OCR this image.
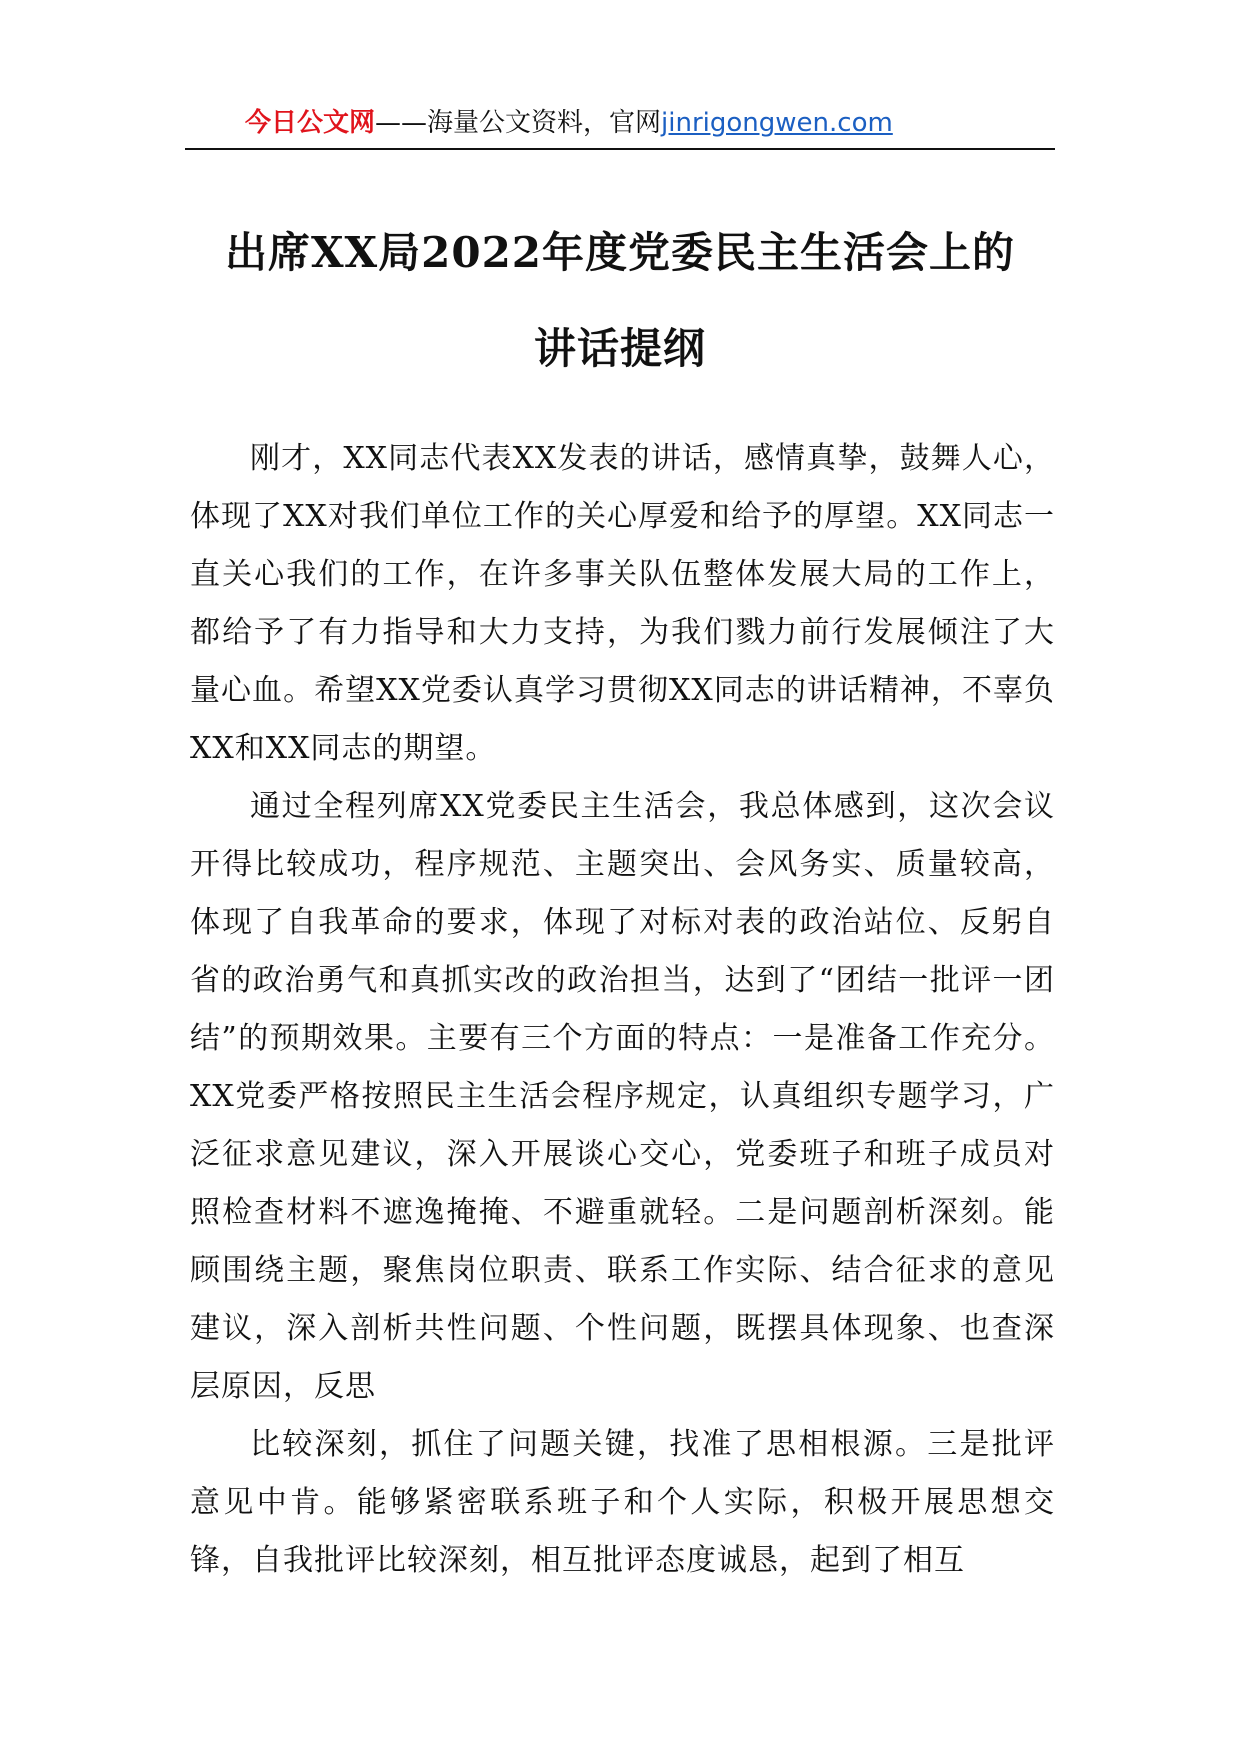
今日公文网——海量公文资料，官网jinrigongwen.com
出席XX局2022年度党委民主生活会上的
讲话提纲

刚才，XX同志代表XX发表的讲话，感情真挚，鼓舞人心，体现了XX对我们单位工作的关心厚爱和给予的厚望。XX同志一直关心我们的工作，在许多事关队伍整体发展大局的工作上，都给予了有力指导和大力支持，为我们戮力前行发展倾注了大量心血。希望XX党委认真学习贯彻XX同志的讲话精神，不辜负XX和XX同志的期望。

通过全程列席XX党委民主生活会，我总体感到，这次会议开得比较成功，程序规范、主题突出、会风务实、质量较高，体现了自我革命的要求，体现了对标对表的政治站位、反躬自省的政治勇气和真抓实改的政治担当，达到了“团结一批评一团结”的预期效果。主要有三个方面的特点：一是准备工作充分。XX党委严格按照民主生活会程序规定，认真组织专题学习，广泛征求意见建议，深入开展谈心交心，党委班子和班子成员对照检查材料不遮逸掩掩、不避重就轻。二是问题剖析深刻。能顾围绕主题，聚焦岗位职责、联系工作实际、结合征求的意见建议，深入剖析共性问题、个性问题，既摆具体现象、也查深层原因，反思

比较深刻，抓住了问题关键，找准了思相根源。三是批评意见中肯。能够紧密联系班子和个人实际，积极开展思想交锋，自我批评比较深刻，相互批评态度诚恳，起到了相互
